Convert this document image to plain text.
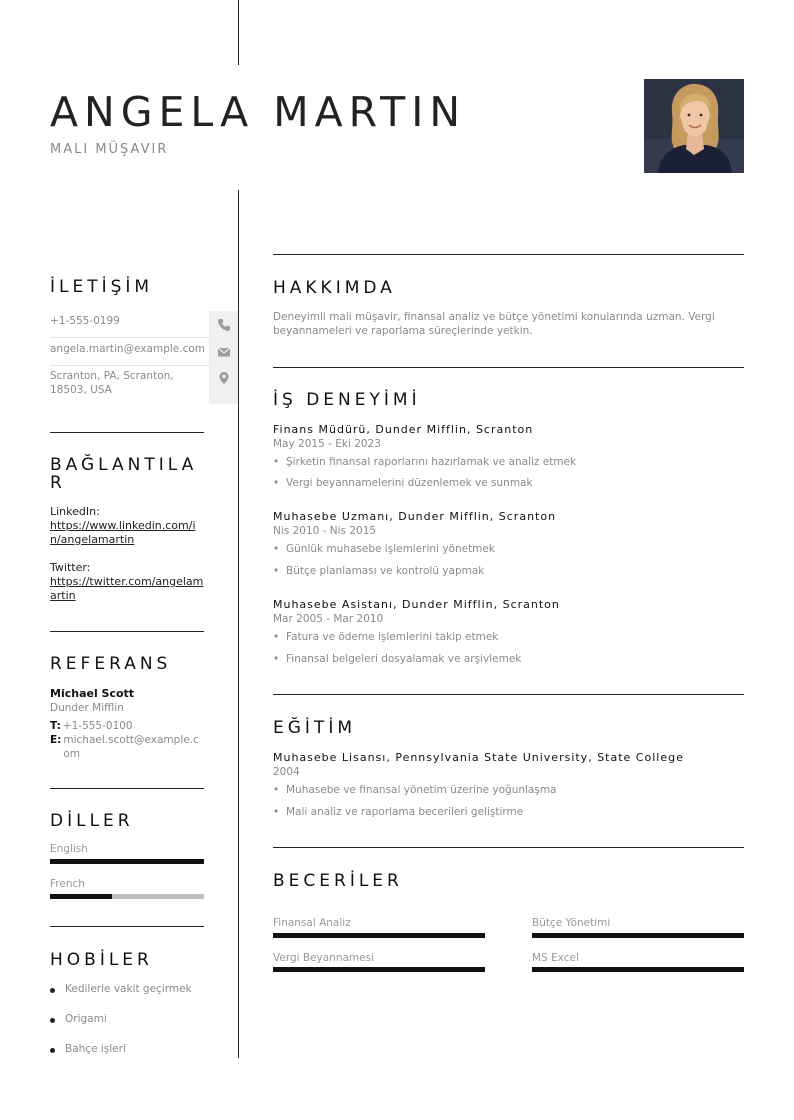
ANGELA MARTIN
MALI MÜŞAVIR
İLETİŞİM
+1-555-0199
angela.martin@example.com
Scranton, PA, Scranton, 18503, USA
BAĞLANTILA R
LinkedIn:
https://www.linkedin.com/in/angelamartin
Twitter:
https://twitter.com/angelamartin
REFERANS
Michael Scott
Dunder Mifflin
T: +1-555-0100
E: michael.scott@example.com
DİLLER
English
French
HOBİLER
Kedilerle vakit geçirmek
Origami
Bahçe işleri
HAKKIMDA
Deneyimli mali müşavir, finansal analiz ve bütçe yönetimi konularında uzman. Vergi beyannameleri ve raporlama süreçlerinde yetkin.
İŞ DENEYİMİ
Finans Müdürü, Dunder Mifflin, Scranton
May 2015 - Eki 2023
• Şirketin finansal raporlarını hazırlamak ve analiz etmek
• Vergi beyannamelerini düzenlemek ve sunmak
Muhasebe Uzmanı, Dunder Mifflin, Scranton
Nis 2010 - Nis 2015
• Günlük muhasebe işlemlerini yönetmek
• Bütçe planlaması ve kontrolü yapmak
Muhasebe Asistanı, Dunder Mifflin, Scranton
Mar 2005 - Mar 2010
• Fatura ve ödeme işlemlerini takip etmek
• Finansal belgeleri dosyalamak ve arşivlemek
EĞİTİM
Muhasebe Lisansı, Pennsylvania State University, State College
2004
• Muhasebe ve finansal yönetim üzerine yoğunlaşma
• Mali analiz ve raporlama becerileri geliştirme
BECERİLER
Finansal Analiz	Bütçe Yönetimi
Vergi Beyannamesi	MS Excel
